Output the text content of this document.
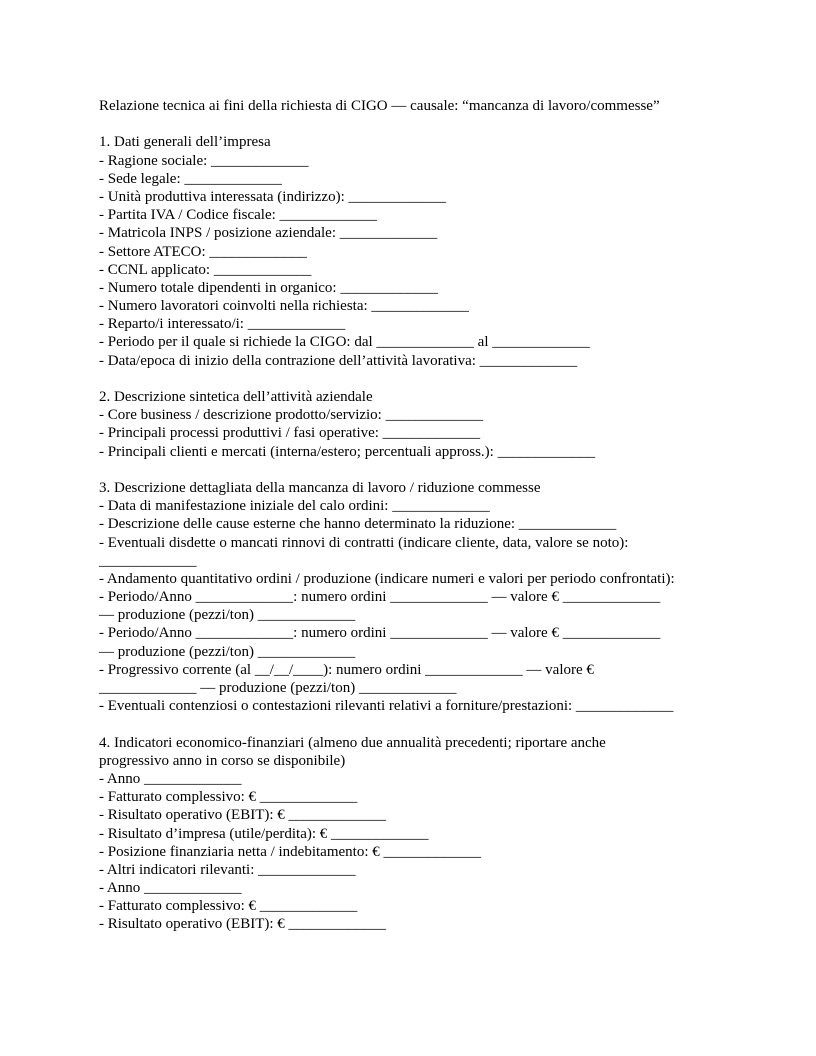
Relazione tecnica ai fini della richiesta di CIGO — causale: “mancanza di lavoro/commesse”
1. Dati generali dell’impresa
- Ragione sociale: _____________
- Sede legale: _____________
- Unità produttiva interessata (indirizzo): _____________
- Partita IVA / Codice fiscale: _____________
- Matricola INPS / posizione aziendale: _____________
- Settore ATECO: _____________
- CCNL applicato: _____________
- Numero totale dipendenti in organico: _____________
- Numero lavoratori coinvolti nella richiesta: _____________
- Reparto/i interessato/i: _____________
- Periodo per il quale si richiede la CIGO: dal _____________ al _____________
- Data/epoca di inizio della contrazione dell’attività lavorativa: _____________
2. Descrizione sintetica dell’attività aziendale
- Core business / descrizione prodotto/servizio: _____________
- Principali processi produttivi / fasi operative: _____________
- Principali clienti e mercati (interna/estero; percentuali appross.): _____________
3. Descrizione dettagliata della mancanza di lavoro / riduzione commesse
- Data di manifestazione iniziale del calo ordini: _____________
- Descrizione delle cause esterne che hanno determinato la riduzione: _____________
- Eventuali disdette o mancati rinnovi di contratti (indicare cliente, data, valore se noto):
_____________
- Andamento quantitativo ordini / produzione (indicare numeri e valori per periodo confrontati):
- Periodo/Anno _____________: numero ordini _____________ — valore € _____________
— produzione (pezzi/ton) _____________
- Periodo/Anno _____________: numero ordini _____________ — valore € _____________
— produzione (pezzi/ton) _____________
- Progressivo corrente (al __/__/____): numero ordini _____________ — valore €
_____________ — produzione (pezzi/ton) _____________
- Eventuali contenziosi o contestazioni rilevanti relativi a forniture/prestazioni: _____________
4. Indicatori economico-finanziari (almeno due annualità precedenti; riportare anche
progressivo anno in corso se disponibile)
- Anno _____________
- Fatturato complessivo: € _____________
- Risultato operativo (EBIT): € _____________
- Risultato d’impresa (utile/perdita): € _____________
- Posizione finanziaria netta / indebitamento: € _____________
- Altri indicatori rilevanti: _____________
- Anno _____________
- Fatturato complessivo: € _____________
- Risultato operativo (EBIT): € _____________
